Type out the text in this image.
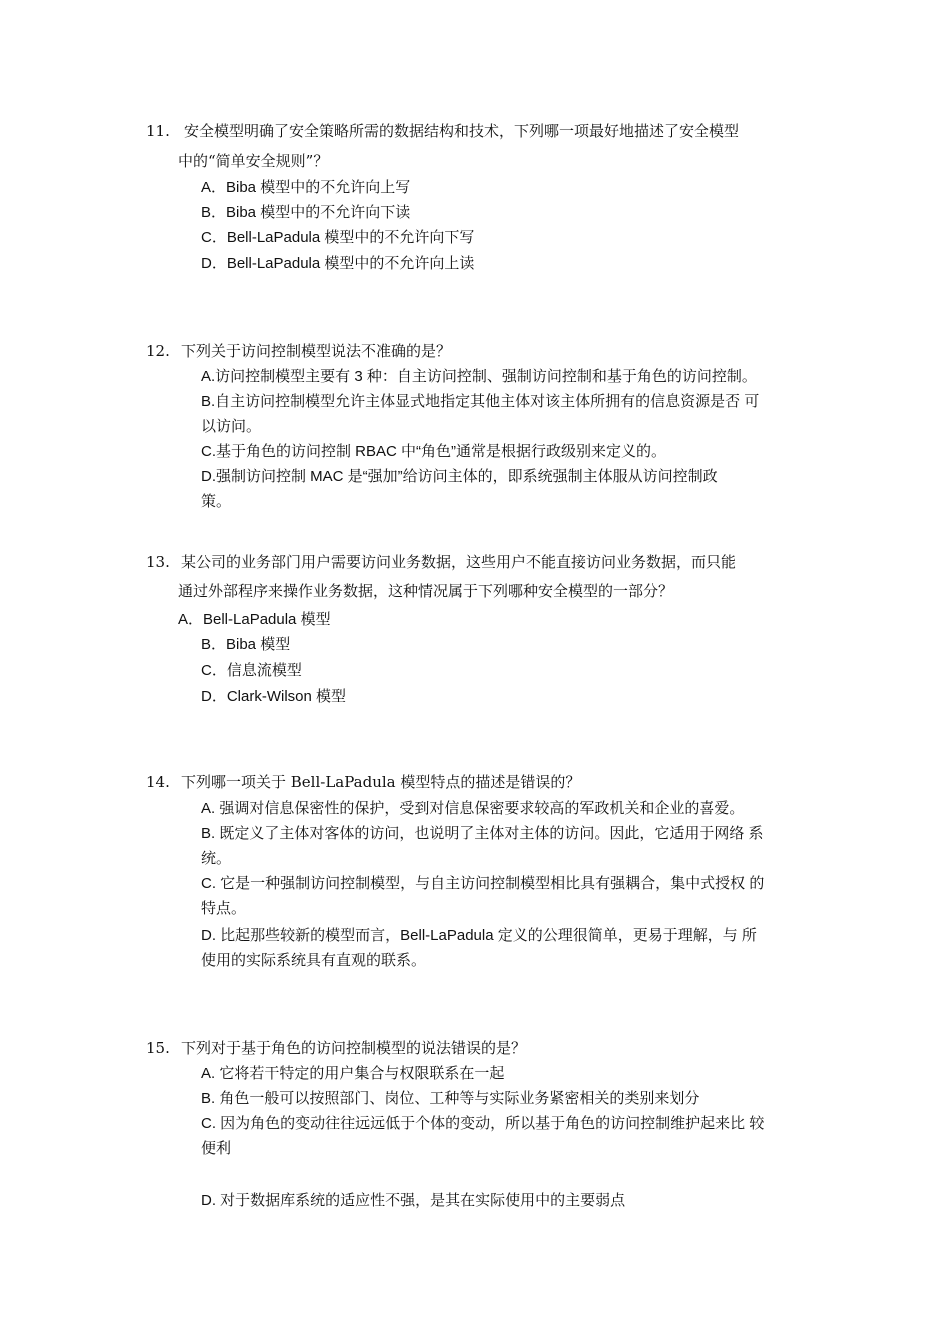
11. 安全模型明确了安全策略所需的数据结构和技术，下列哪一项最好地描述了安全模型
中的“简单安全规则”？
A．Biba 模型中的不允许向上写
B．Biba 模型中的不允许向下读
C．Bell-LaPadula 模型中的不允许向下写
D．Bell-LaPadula 模型中的不允许向上读
12. 下列关于访问控制模型说法不准确的是？
A.访问控制模型主要有 3 种：自主访问控制、强制访问控制和基于角色的访问控制。
B.自主访问控制模型允许主体显式地指定其他主体对该主体所拥有的信息资源是否 可
以访问。
C.基于角色的访问控制 RBAC 中“角色”通常是根据行政级别来定义的。
D.强制访问控制 MAC 是“强加”给访问主体的，即系统强制主体服从访问控制政
策。
13. 某公司的业务部门用户需要访问业务数据，这些用户不能直接访问业务数据，而只能
通过外部程序来操作业务数据，这种情况属于下列哪种安全模型的一部分？
A．Bell-LaPadula 模型
B．Biba 模型
C．信息流模型
D．Clark-Wilson 模型
14. 下列哪一项关于 Bell-LaPadula 模型特点的描述是错误的？
A. 强调对信息保密性的保护，受到对信息保密要求较高的军政机关和企业的喜爱。
B. 既定义了主体对客体的访问，也说明了主体对主体的访问。因此，它适用于网络 系
统。
C. 它是一种强制访问控制模型，与自主访问控制模型相比具有强耦合，集中式授权 的
特点。
D. 比起那些较新的模型而言，Bell-LaPadula 定义的公理很简单，更易于理解，与 所
使用的实际系统具有直观的联系。
15. 下列对于基于角色的访问控制模型的说法错误的是？
A. 它将若干特定的用户集合与权限联系在一起
B. 角色一般可以按照部门、岗位、工种等与实际业务紧密相关的类别来划分
C. 因为角色的变动往往远远低于个体的变动，所以基于角色的访问控制维护起来比 较
便利
D. 对于数据库系统的适应性不强，是其在实际使用中的主要弱点
